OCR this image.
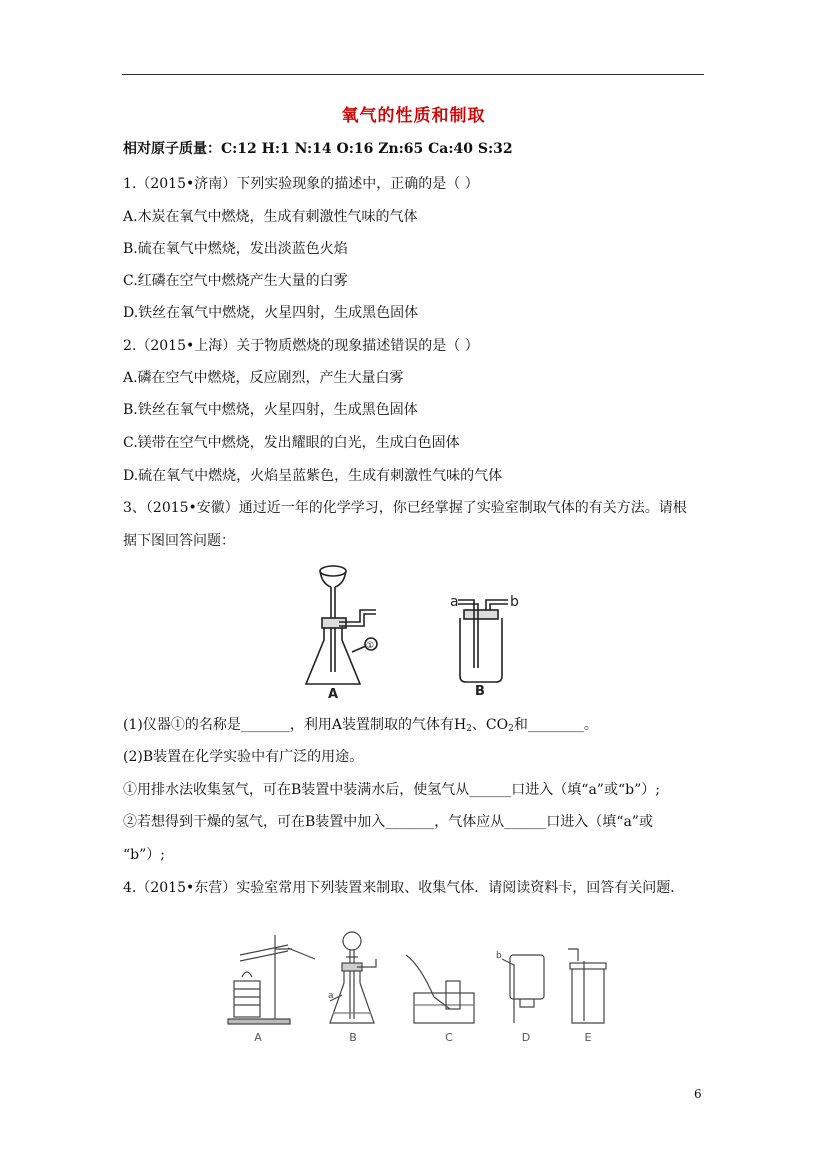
氧气的性质和制取
相对原子质量：C:12 H:1 N:14 O:16 Zn:65 Ca:40 S:32
1.（2015•济南）下列实验现象的描述中，正确的是（ ）
A.木炭在氧气中燃烧，生成有刺激性气味的气体
B.硫在氧气中燃烧，发出淡蓝色火焰
C.红磷在空气中燃烧产生大量的白雾
D.铁丝在氧气中燃烧，火星四射，生成黑色固体
2.（2015•上海）关于物质燃烧的现象描述错误的是（ ）
A.磷在空气中燃烧，反应剧烈，产生大量白雾
B.铁丝在氧气中燃烧，火星四射，生成黑色固体
C.镁带在空气中燃烧，发出耀眼的白光，生成白色固体
D.硫在氧气中燃烧，火焰呈蓝紫色，生成有刺激性气味的气体
3、（2015•安徽）通过近一年的化学学习，你已经掌握了实验室制取气体的有关方法。请根
据下图回答问题：
①
A
a	b
B
(1)仪器①的名称是_______，利用A装置制取的气体有$H_2$、$CO_2$和________。
(2)B装置在化学实验中有广泛的用途。
①用排水法收集氢气，可在B装置中装满水后，使氢气从______口进入（填“a”或“b”）;
②若想得到干燥的氢气，可在B装置中加入_______，气体应从______口进入（填“a”或
“b”）;
4.（2015•东营）实验室常用下列装置来制取、收集气体．请阅读资料卡，回答有关问题．
a
b
A	B	C	D	E
6
